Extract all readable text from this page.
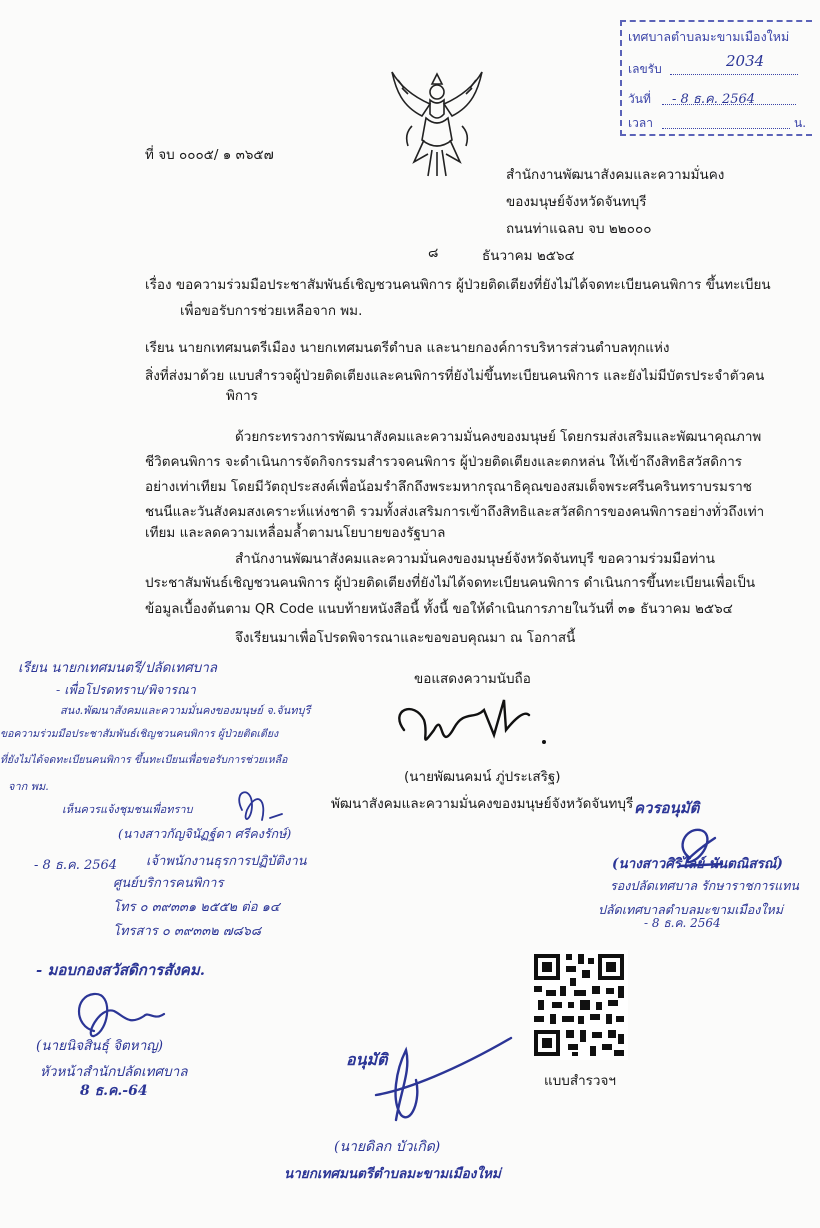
เทศบาลตำบลมะขามเมืองใหม่
เลขรับ	2034
วันที่ - 8 ธ.ค. 2564
เวลา	น.
ที่ จบ ๐๐๐๕/ ๑ ๓๖๕๗
สำนักงานพัฒนาสังคมและความมั่นคง
ของมนุษย์จังหวัดจันทบุรี
ถนนท่าแฉลบ จบ ๒๒๐๐๐
๘	ธันวาคม ๒๕๖๔
เรื่อง ขอความร่วมมือประชาสัมพันธ์เชิญชวนคนพิการ ผู้ป่วยติดเตียงที่ยังไม่ได้จดทะเบียนคนพิการ ขึ้นทะเบียน
เพื่อขอรับการช่วยเหลือจาก พม.
เรียน นายกเทศมนตรีเมือง นายกเทศมนตรีตำบล และนายกองค์การบริหารส่วนตำบลทุกแห่ง
สิ่งที่ส่งมาด้วย แบบสำรวจผู้ป่วยติดเตียงและคนพิการที่ยังไม่ขึ้นทะเบียนคนพิการ และยังไม่มีบัตรประจำตัวคน
พิการ
ด้วยกระทรวงการพัฒนาสังคมและความมั่นคงของมนุษย์ โดยกรมส่งเสริมและพัฒนาคุณภาพ
ชีวิตคนพิการ จะดำเนินการจัดกิจกรรมสำรวจคนพิการ ผู้ป่วยติดเตียงและตกหล่น ให้เข้าถึงสิทธิสวัสดิการ
อย่างเท่าเทียม โดยมีวัตถุประสงค์เพื่อน้อมรำลึกถึงพระมหากรุณาธิคุณของสมเด็จพระศรีนครินทราบรมราช
ชนนีและวันสังคมสงเคราะห์แห่งชาติ รวมทั้งส่งเสริมการเข้าถึงสิทธิและสวัสดิการของคนพิการอย่างทั่วถึงเท่า
เทียม และลดความเหลื่อมล้ำตามนโยบายของรัฐบาล
สำนักงานพัฒนาสังคมและความมั่นคงของมนุษย์จังหวัดจันทบุรี ขอความร่วมมือท่าน
ประชาสัมพันธ์เชิญชวนคนพิการ ผู้ป่วยติดเตียงที่ยังไม่ได้จดทะเบียนคนพิการ ดำเนินการขึ้นทะเบียนเพื่อเป็น
ข้อมูลเบื้องต้นตาม QR Code แนบท้ายหนังสือนี้ ทั้งนี้ ขอให้ดำเนินการภายในวันที่ ๓๑ ธันวาคม ๒๕๖๔
จึงเรียนมาเพื่อโปรดพิจารณาและขอขอบคุณมา ณ โอกาสนี้
ขอแสดงความนับถือ
(นายพัฒนคมน์ ภู่ประเสริฐ)
พัฒนาสังคมและความมั่นคงของมนุษย์จังหวัดจันทบุรี
เรียน นายกเทศมนตรี/ปลัดเทศบาล
- เพื่อโปรดทราบ/พิจารณา
สนง.พัฒนาสังคมและความมั่นคงของมนุษย์ จ.จันทบุรี
ขอความร่วมมือประชาสัมพันธ์เชิญชวนคนพิการ ผู้ป่วยติดเตียง
ที่ยังไม่ได้จดทะเบียนคนพิการ ขึ้นทะเบียนเพื่อขอรับการช่วยเหลือ
จาก พม.
เห็นควรแจ้งชุมชนเพื่อทราบ
(นางสาวกัญจินัฏฐ์ดา ศรีคงรักษ์)
- 8 ธ.ค. 2564 เจ้าพนักงานธุรการปฏิบัติงาน
ศูนย์บริการคนพิการ
โทร ๐ ๓๙๓๓๑ ๒๕๕๒ ต่อ ๑๔
โทรสาร ๐ ๓๙๓๓๒ ๗๘๖๘
ควรอนุมัติ
(นางสาวศิริไลย์ นันตณิสรณ์)
รองปลัดเทศบาล รักษาราชการแทน
ปลัดเทศบาลตำบลมะขามเมืองใหม่
- 8 ธ.ค. 2564
- มอบกองสวัสดิการสังคม.
(นายนิจสินธุ์ จิตหาญ)
หัวหน้าสำนักปลัดเทศบาล
8 ธ.ค.-64
อนุมัติ
(นายดิลก บัวเกิด)
นายกเทศมนตรีตำบลมะขามเมืองใหม่
แบบสำรวจฯ
